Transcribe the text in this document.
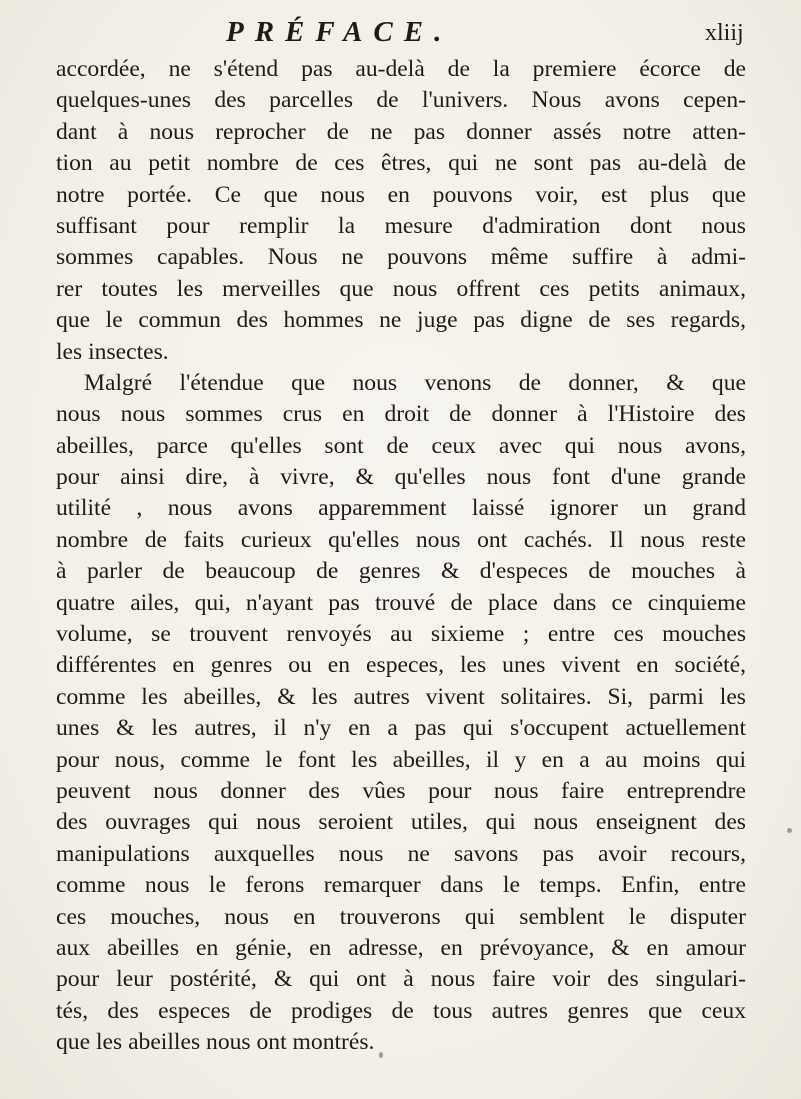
PRÉFACE.	xliij
accordée, ne s'étend pas au-delà de la premiere écorce de
quelques-unes des parcelles de l'univers. Nous avons cepen-
dant à nous reprocher de ne pas donner assés notre atten-
tion au petit nombre de ces êtres, qui ne sont pas au-delà de
notre portée. Ce que nous en pouvons voir, est plus que
suffisant pour remplir la mesure d'admiration dont nous
sommes capables. Nous ne pouvons même suffire à admi-
rer toutes les merveilles que nous offrent ces petits animaux,
que le commun des hommes ne juge pas digne de ses regards,
les insectes.
Malgré l'étendue que nous venons de donner, & que
nous nous sommes crus en droit de donner à l'Histoire des
abeilles, parce qu'elles sont de ceux avec qui nous avons,
pour ainsi dire, à vivre, & qu'elles nous font d'une grande
utilité , nous avons apparemment laissé ignorer un grand
nombre de faits curieux qu'elles nous ont cachés. Il nous reste
à parler de beaucoup de genres & d'especes de mouches à
quatre ailes, qui, n'ayant pas trouvé de place dans ce cinquieme
volume, se trouvent renvoyés au sixieme ; entre ces mouches
différentes en genres ou en especes, les unes vivent en société,
comme les abeilles, & les autres vivent solitaires. Si, parmi les
unes & les autres, il n'y en a pas qui s'occupent actuellement
pour nous, comme le font les abeilles, il y en a au moins qui
peuvent nous donner des vûes pour nous faire entreprendre
des ouvrages qui nous seroient utiles, qui nous enseignent des
manipulations auxquelles nous ne savons pas avoir recours,
comme nous le ferons remarquer dans le temps. Enfin, entre
ces mouches, nous en trouverons qui semblent le disputer
aux abeilles en génie, en adresse, en prévoyance, & en amour
pour leur postérité, & qui ont à nous faire voir des singulari-
tés, des especes de prodiges de tous autres genres que ceux
que les abeilles nous ont montrés.
